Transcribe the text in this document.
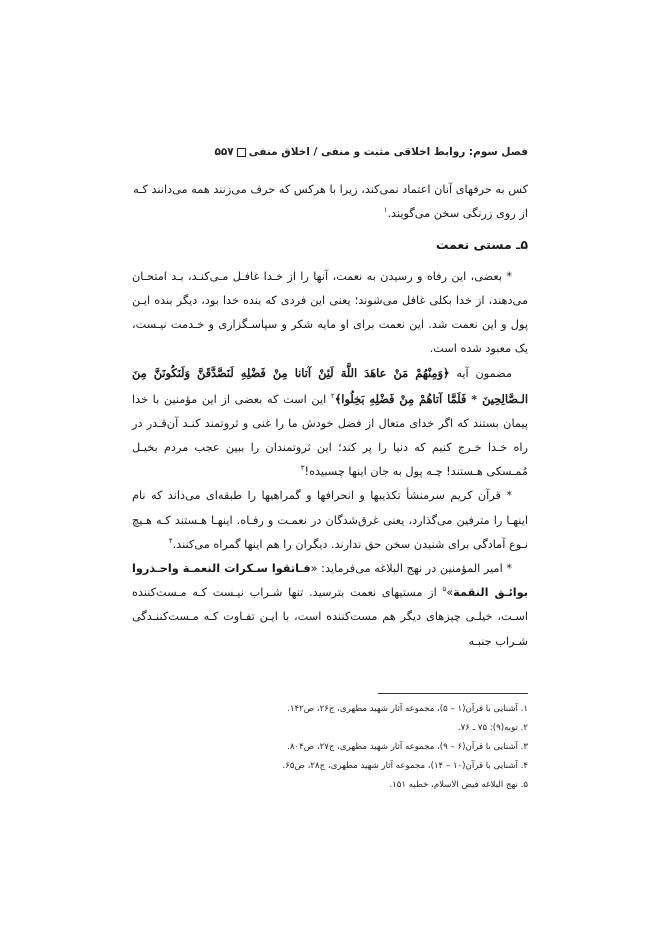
فصل سوم: روابط اخلاقی مثبت و منفی / اخلاق منفی۵۵۷

کس به حرفهای آنان اعتماد نمی‌کند، زیرا با هرکس که حرف می‌زنند همه می‌دانند کـه
از روی زرنگی سخن می‌گویند.$^۱$

۵ـ مستی نعمت

* بعضی، این رفاه و رسیدن به نعمت، آنها را از خـدا غافـل مـی‌کنـد، بـد امتحـان می‌دهند، از خدا بکلی غافل می‌شوند؛ یعنی این فردی که بنده خدا بود، دیگر بنده ایـن پول و این نعمت شد. این نعمت برای او مایه شکر و سپاسـگزاری و خـدمت نیـست، یک معبود شده است.

مضمون آیه ﴿وَمِنْهُمْ مَنْ عاهَدَ اللَّهَ لَئِنْ آتانا مِنْ فَضْلِهِ لَنَصَّدَّقَنَّ وَلَنَكُونَنَّ مِنَ الـصَّالِحِينَ * فَلَمَّا آتاهُمْ مِنْ فَضْلِهِ بَخِلُوا﴾$^۲$ این است که بعضی از این مؤمنین با خدا پیمان بستند که اگر خدای متعال از فضل خودش ما را غنی و ثروتمند کنـد آن‌قـدر در راه خـدا خـرج کنیم که دنیا را پر کند؛ این ثروتمندان را ببین عجب مردم بخیـل مُمـسکی هـستند! چـه پول به جان اینها چسبیده!$^۳$

* قرآن کریم سرمنشأ تکذیبها و انحرافها و گمراهیها را طبقه‌ای می‌داند که نام اینهـا را مترفین می‌گذارد، یعنی غرق‌شدگان در نعمـت و رفـاه. اینهـا هـستند کـه هـیچ نـوع آمادگی برای شنیدن سخن حق ندارند. دیگران را هم اینها گمراه می‌کنند.$^۴$

* امیر المؤمنین در نهج البلاغه می‌فرماید: «فـاتقوا سـكرات النعمـة واحـذروا بوائـق النقمة»$^۵$ از مستیهای نعمت بترسید. تنها شـراب نیـست کـه مـست‌کننده اسـت، خیلـی چیزهای دیگر هم مست‌کننده است، با ایـن تفـاوت کـه مـست‌کننـدگی شـراب جنبـه

۱. آشنایی با قرآن(۱ – ۵)، مجموعه آثار شهید مطهری، ج۲۶، ص۱۴۲.
۲. توبه(۹): ۷۵ ـ ۷۶.
۳. آشنایی با قرآن(۶ – ۹)، مجموعه آثار شهید مطهری، ج۲۷، ص۸۰۴.
۴. آشنایی با قرآن(۱۰ – ۱۴)، مجموعه آثار شهید مطهری، ج۲۸، ص۶۵.
۵. نهج البلاغه فیض الاسلام، خطبه ۱۵۱.
